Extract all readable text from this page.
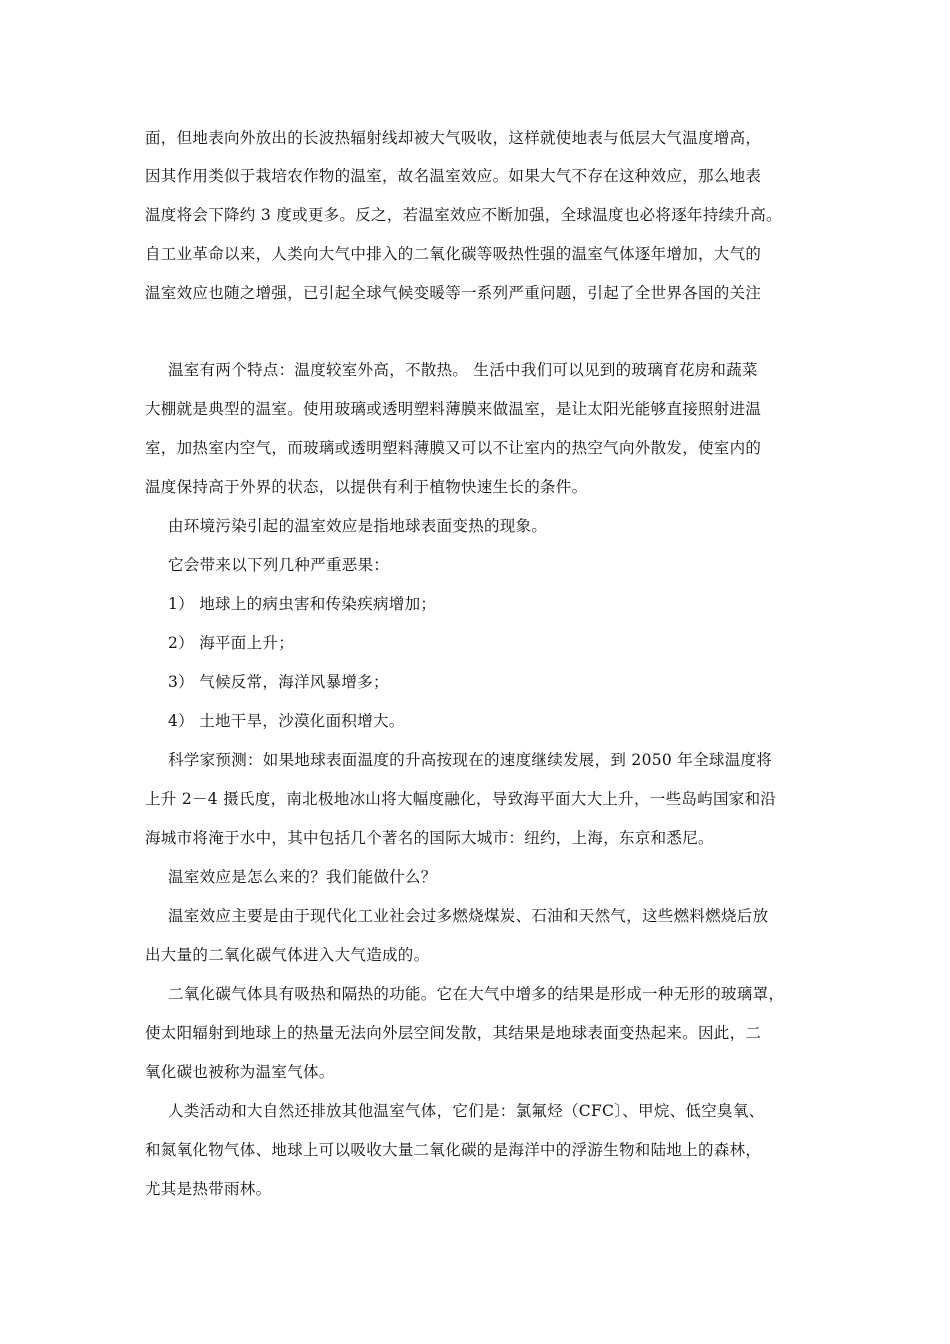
面，但地表向外放出的长波热辐射线却被大气吸收，这样就使地表与低层大气温度增高，
因其作用类似于栽培农作物的温室，故名温室效应。如果大气不存在这种效应，那么地表
温度将会下降约 3 度或更多。反之，若温室效应不断加强，全球温度也必将逐年持续升高。
自工业革命以来，人类向大气中排入的二氧化碳等吸热性强的温室气体逐年增加，大气的
温室效应也随之增强，已引起全球气候变暖等一系列严重问题，引起了全世界各国的关注
温室有两个特点：温度较室外高，不散热。 生活中我们可以见到的玻璃育花房和蔬菜
大棚就是典型的温室。使用玻璃或透明塑料薄膜来做温室，是让太阳光能够直接照射进温
室，加热室内空气，而玻璃或透明塑料薄膜又可以不让室内的热空气向外散发，使室内的
温度保持高于外界的状态，以提供有利于植物快速生长的条件。
由环境污染引起的温室效应是指地球表面变热的现象。
它会带来以下列几种严重恶果：
1） 地球上的病虫害和传染疾病增加；
2） 海平面上升；
3） 气候反常，海洋风暴增多；
4） 土地干旱，沙漠化面积增大。
科学家预测：如果地球表面温度的升高按现在的速度继续发展，到 2050 年全球温度将
上升 2－4 摄氏度，南北极地冰山将大幅度融化，导致海平面大大上升，一些岛屿国家和沿
海城市将淹于水中，其中包括几个著名的国际大城市：纽约，上海，东京和悉尼。
温室效应是怎么来的？我们能做什么？
温室效应主要是由于现代化工业社会过多燃烧煤炭、石油和天然气，这些燃料燃烧后放
出大量的二氧化碳气体进入大气造成的。
二氧化碳气体具有吸热和隔热的功能。它在大气中增多的结果是形成一种无形的玻璃罩，
使太阳辐射到地球上的热量无法向外层空间发散，其结果是地球表面变热起来。因此，二
氧化碳也被称为温室气体。
人类活动和大自然还排放其他温室气体，它们是：氯氟烃（CFC〕、甲烷、低空臭氧、
和氮氧化物气体、地球上可以吸收大量二氧化碳的是海洋中的浮游生物和陆地上的森林，
尤其是热带雨林。
